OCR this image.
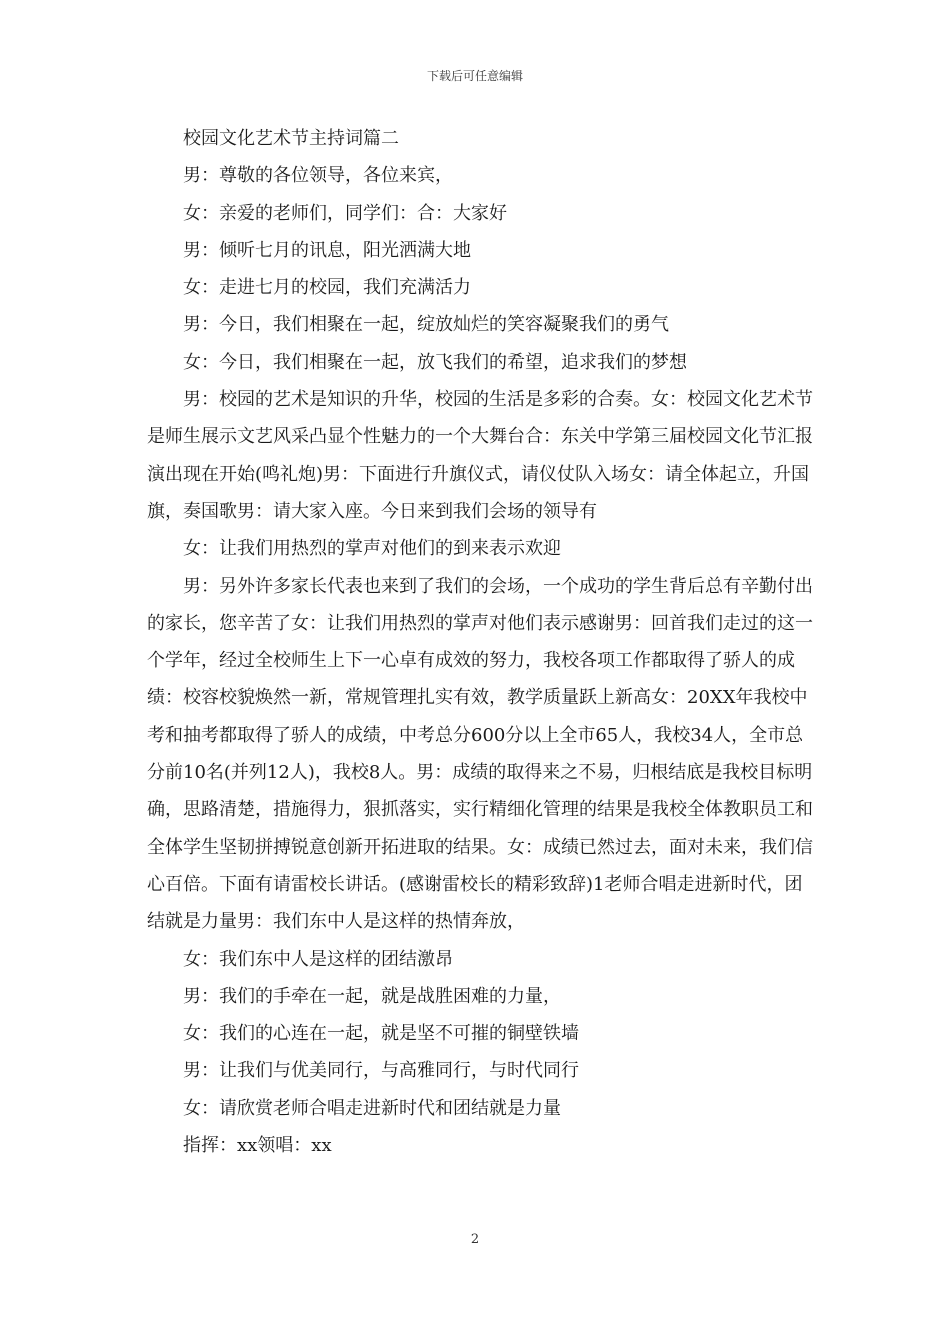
下载后可任意编辑

校园文化艺术节主持词篇二

男：尊敬的各位领导，各位来宾，

女：亲爱的老师们，同学们：合：大家好

男：倾听七月的讯息，阳光洒满大地

女：走进七月的校园，我们充满活力

男：今日，我们相聚在一起，绽放灿烂的笑容凝聚我们的勇气

女：今日，我们相聚在一起，放飞我们的希望，追求我们的梦想

男：校园的艺术是知识的升华，校园的生活是多彩的合奏。女：校园文化艺术节是师生展示文艺风采凸显个性魅力的一个大舞台合：东关中学第三届校园文化节汇报演出现在开始(鸣礼炮)男：下面进行升旗仪式，请仪仗队入场女：请全体起立，升国旗，奏国歌男：请大家入座。今日来到我们会场的领导有

女：让我们用热烈的掌声对他们的到来表示欢迎

男：另外许多家长代表也来到了我们的会场，一个成功的学生背后总有辛勤付出的家长，您辛苦了女：让我们用热烈的掌声对他们表示感谢男：回首我们走过的这一个学年，经过全校师生上下一心卓有成效的努力，我校各项工作都取得了骄人的成绩：校容校貌焕然一新，常规管理扎实有效，教学质量跃上新高女：20XX年我校中考和抽考都取得了骄人的成绩，中考总分600分以上全市65人，我校34人，全市总分前10名(并列12人)，我校8人。男：成绩的取得来之不易，归根结底是我校目标明确，思路清楚，措施得力，狠抓落实，实行精细化管理的结果是我校全体教职员工和全体学生坚韧拼搏锐意创新开拓进取的结果。女：成绩已然过去，面对未来，我们信心百倍。下面有请雷校长讲话。(感谢雷校长的精彩致辞)1老师合唱走进新时代，团结就是力量男：我们东中人是这样的热情奔放，

女：我们东中人是这样的团结激昂

男：我们的手牵在一起，就是战胜困难的力量，

女：我们的心连在一起，就是坚不可摧的铜壁铁墙

男：让我们与优美同行，与高雅同行，与时代同行

女：请欣赏老师合唱走进新时代和团结就是力量

指挥：xx领唱：xx

2
